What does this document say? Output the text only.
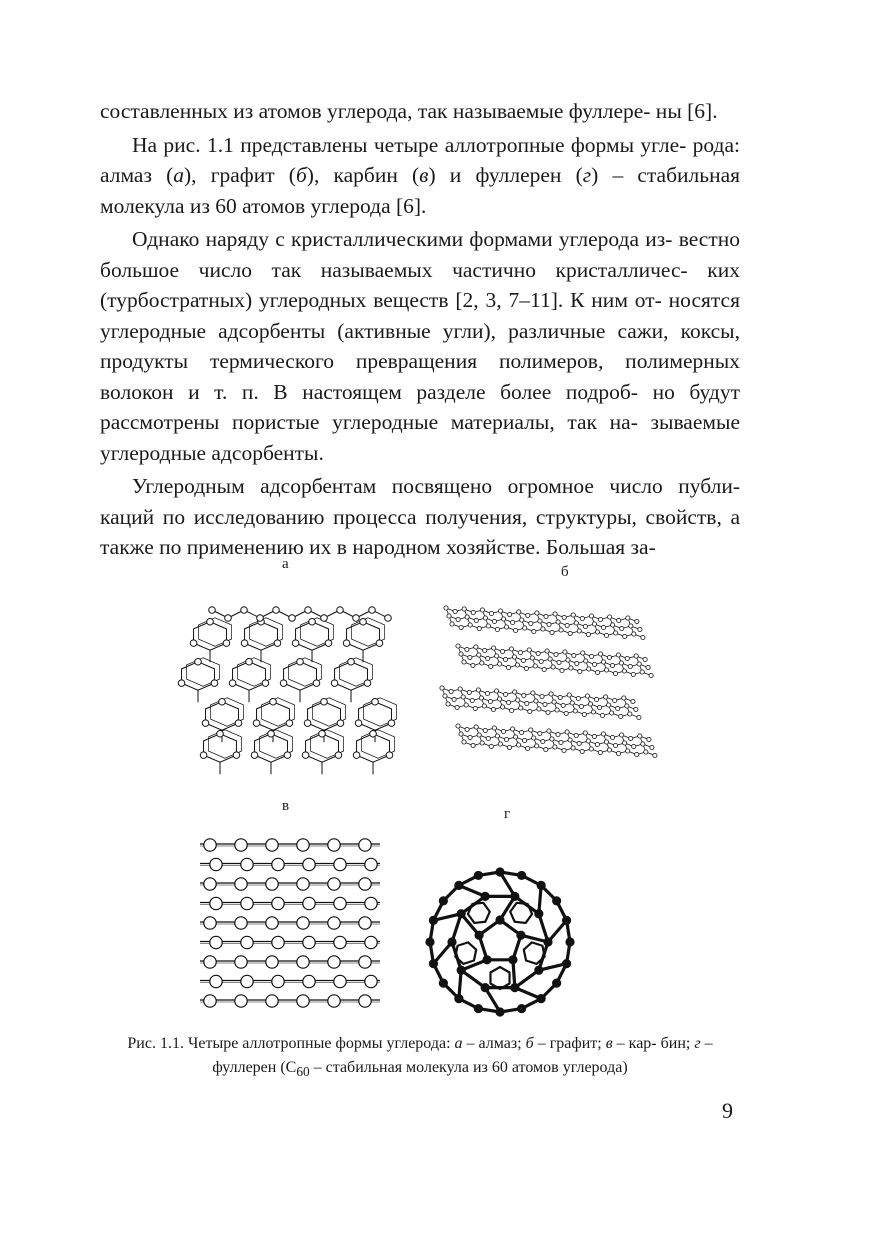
составленных из атомов углерода, так называемые фуллере- ны [6].

На рис. 1.1 представлены четыре аллотропные формы угле- рода: алмаз (а), графит (б), карбин (в) и фуллерен (г) – стабильная молекула из 60 атомов углерода [6].

Однако наряду с кристаллическими формами углерода из- вестно большое число так называемых частично кристалличес- ких (турбостратных) углеродных веществ [2, 3, 7–11]. К ним от- носятся углеродные адсорбенты (активные угли), различные сажи, коксы, продукты термического превращения полимеров, полимерных волокон и т. п. В настоящем разделе более подроб- но будут рассмотрены пористые углеродные материалы, так на- зываемые углеродные адсорбенты.

Углеродным адсорбентам посвящено огромное число публи- каций по исследованию процесса получения, структуры, свойств, а также по применению их в народном хозяйстве. Большая за-

а	б
в	г
Рис. 1.1. Четыре аллотропные формы углерода: а – алмаз; б – графит; в – кар- бин; г – фуллерен ($C_{60}$ – стабильная молекула из 60 атомов углерода)
9
